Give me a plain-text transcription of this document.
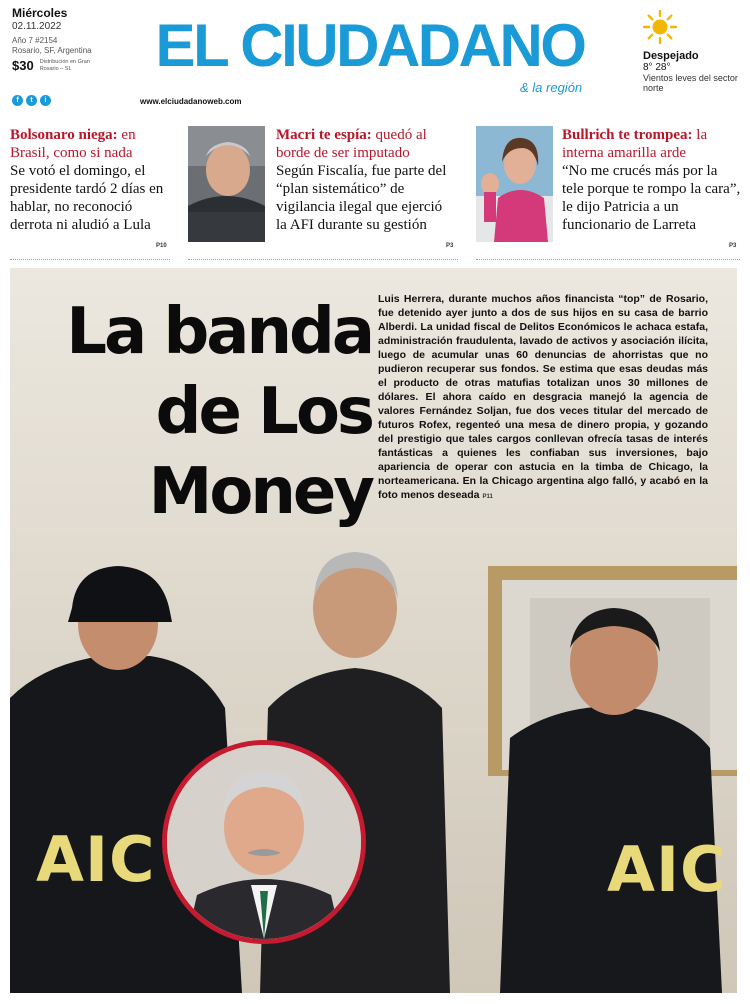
Miércoles
02.11.2022
Año 7 #2154
Rosario, SF, Argentina
$30 Distribución en Gran Rosario – SL
f	t	i
EL CIUDADANO
& la región
www.elciudadanoweb.com
Despejado
8° 28°
Vientos leves del sector norte
Bolsonaro niega: en Brasil, como si nada
Se votó el domingo, el presidente tardó 2 días en hablar, no reconoció derrota ni aludió a Lula
P10
Macri te espía: quedó al borde de ser imputado
Según Fiscalía, fue parte del “plan sistemático” de vigilancia ilegal que ejerció la AFI durante su gestión
P3
Bullrich te trompea: la interna amarilla arde
“No me crucés más por la tele porque te rompo la cara”, le dijo Patricia a un funcionario de Larreta
P3
La banda
de Los
Money
Luis Herrera, durante muchos años financista “top” de Rosario, fue detenido ayer junto a dos de sus hijos en su casa de barrio Alberdi. La unidad fiscal de Delitos Económicos le achaca estafa, administración fraudulenta, lavado de activos y asociación ilícita, luego de acumular unas 60 denuncias de ahorristas que no pudieron recuperar sus fondos. Se estima que esas deudas más el producto de otras matufias totalizan unos 30 millones de dólares. El ahora caído en desgracia manejó la agencia de valores Fernández Soljan, fue dos veces titular del mercado de futuros Rofex, regenteó una mesa de dinero propia, y gozando del prestigio que tales cargos conllevan ofrecía tasas de interés fantásticas a quienes les confiaban sus inversiones, bajo apariencia de operar con astucia en la timba de Chicago, la norteamericana. En la Chicago argentina algo falló, y acabó en la foto menos deseada P11
AIC	AIC
